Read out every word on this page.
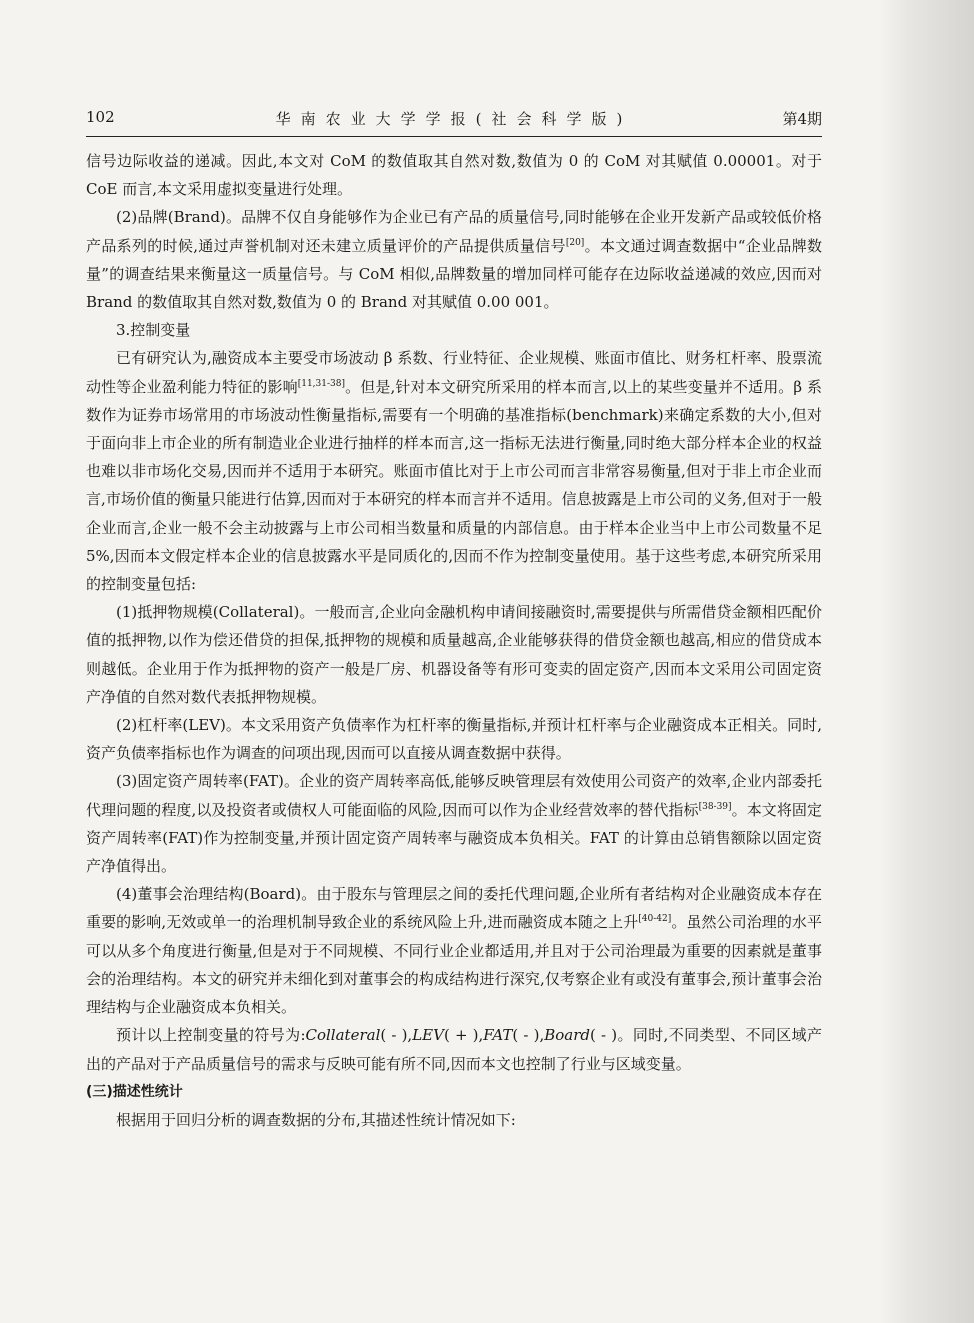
102	华南农业大学学报(社会科学版)	第4期

信号边际收益的递减。因此,本文对 CoM 的数值取其自然对数,数值为 0 的 CoM 对其赋值 0.00001。对于 CoE 而言,本文采用虚拟变量进行处理。

(2)品牌(Brand)。品牌不仅自身能够作为企业已有产品的质量信号,同时能够在企业开发新产品或较低价格产品系列的时候,通过声誉机制对还未建立质量评价的产品提供质量信号[20]。本文通过调查数据中“企业品牌数量”的调查结果来衡量这一质量信号。与 CoM 相似,品牌数量的增加同样可能存在边际收益递减的效应,因而对 Brand 的数值取其自然对数,数值为 0 的 Brand 对其赋值 0.00 001。

3.控制变量

已有研究认为,融资成本主要受市场波动 β 系数、行业特征、企业规模、账面市值比、财务杠杆率、股票流动性等企业盈利能力特征的影响[11,31-38]。但是,针对本文研究所采用的样本而言,以上的某些变量并不适用。β 系数作为证券市场常用的市场波动性衡量指标,需要有一个明确的基准指标(benchmark)来确定系数的大小,但对于面向非上市企业的所有制造业企业进行抽样的样本而言,这一指标无法进行衡量,同时绝大部分样本企业的权益也难以非市场化交易,因而并不适用于本研究。账面市值比对于上市公司而言非常容易衡量,但对于非上市企业而言,市场价值的衡量只能进行估算,因而对于本研究的样本而言并不适用。信息披露是上市公司的义务,但对于一般企业而言,企业一般不会主动披露与上市公司相当数量和质量的内部信息。由于样本企业当中上市公司数量不足 5%,因而本文假定样本企业的信息披露水平是同质化的,因而不作为控制变量使用。基于这些考虑,本研究所采用的控制变量包括:

(1)抵押物规模(Collateral)。一般而言,企业向金融机构申请间接融资时,需要提供与所需借贷金额相匹配价值的抵押物,以作为偿还借贷的担保,抵押物的规模和质量越高,企业能够获得的借贷金额也越高,相应的借贷成本则越低。企业用于作为抵押物的资产一般是厂房、机器设备等有形可变卖的固定资产,因而本文采用公司固定资产净值的自然对数代表抵押物规模。

(2)杠杆率(LEV)。本文采用资产负债率作为杠杆率的衡量指标,并预计杠杆率与企业融资成本正相关。同时,资产负债率指标也作为调查的问项出现,因而可以直接从调查数据中获得。

(3)固定资产周转率(FAT)。企业的资产周转率高低,能够反映管理层有效使用公司资产的效率,企业内部委托代理问题的程度,以及投资者或债权人可能面临的风险,因而可以作为企业经营效率的替代指标[38-39]。本文将固定资产周转率(FAT)作为控制变量,并预计固定资产周转率与融资成本负相关。FAT 的计算由总销售额除以固定资产净值得出。

(4)董事会治理结构(Board)。由于股东与管理层之间的委托代理问题,企业所有者结构对企业融资成本存在重要的影响,无效或单一的治理机制导致企业的系统风险上升,进而融资成本随之上升[40-42]。虽然公司治理的水平可以从多个角度进行衡量,但是对于不同规模、不同行业企业都适用,并且对于公司治理最为重要的因素就是董事会的治理结构。本文的研究并未细化到对董事会的构成结构进行深究,仅考察企业有或没有董事会,预计董事会治理结构与企业融资成本负相关。

预计以上控制变量的符号为:Collateral( - ),LEV( + ),FAT( - ),Board( - )。同时,不同类型、不同区域产出的产品对于产品质量信号的需求与反映可能有所不同,因而本文也控制了行业与区域变量。

(三)描述性统计

根据用于回归分析的调查数据的分布,其描述性统计情况如下:
